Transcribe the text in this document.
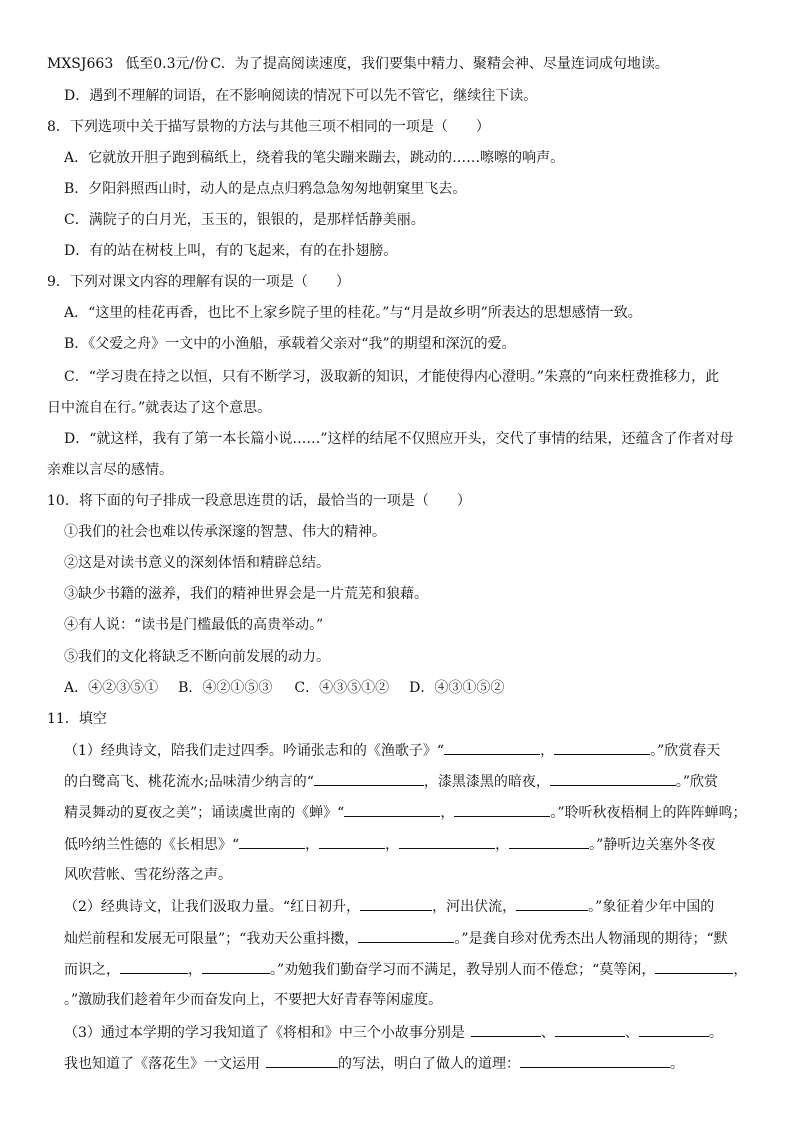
MXSJ663 低至0.3元/份 C．为了提高阅读速度，我们要集中精力、聚精会神、尽量连词成句地读。
D．遇到不理解的词语，在不影响阅读的情况下可以先不管它，继续往下读。
8．下列选项中关于描写景物的方法与其他三项不相同的一项是（　　）
A．它就放开胆子跑到稿纸上，绕着我的笔尖蹦来蹦去，跳动的……嚓嚓的响声。
B．夕阳斜照西山时，动人的是点点归鸦急急匆匆地朝窠里飞去。
C．满院子的白月光，玉玉的，银银的，是那样恬静美丽。
D．有的站在树枝上叫，有的飞起来，有的在扑翅膀。
9．下列对课文内容的理解有误的一项是（　　）
A．“这里的桂花再香，也比不上家乡院子里的桂花。”与“月是故乡明”所表达的思想感情一致。
B．《父爱之舟》一文中的小渔船，承载着父亲对“我”的期望和深沉的爱。
C．“学习贵在持之以恒，只有不断学习，汲取新的知识，才能使得内心澄明。”朱熹的“向来枉费推移力，此
日中流自在行。”就表达了这个意思。
D．“就这样，我有了第一本长篇小说……”这样的结尾不仅照应开头，交代了事情的结果，还蕴含了作者对母
亲难以言尽的感情。
10．将下面的句子排成一段意思连贯的话，最恰当的一项是（　　）
①我们的社会也难以传承深邃的智慧、伟大的精神。
②这是对读书意义的深刻体悟和精辟总结。
③缺少书籍的滋养，我们的精神世界会是一片荒芜和狼藉。
④有人说：“读书是门槛最低的高贵举动。”
⑤我们的文化将缺乏不断向前发展的动力。
A．④②③⑤① B．④②①⑤③ C．④③⑤①② D．④③①⑤②
11．填空
（1）经典诗文，陪我们走过四季。吟诵张志和的《渔歌子》“	，	。”欣赏春天
的白鹭高飞、桃花流水;品味清少纳言的“	，漆黑漆黑的暗夜，	。”欣赏
精灵舞动的夏夜之美”；诵读虞世南的《蝉》“	，	。”聆听秋夜梧桐上的阵阵蝉鸣；
低吟纳兰性德的《长相思》“	，	，	，	。”静听边关塞外冬夜
风吹营帐、雪花纷落之声。
（2）经典诗文，让我们汲取力量。“红日初升，	，河出伏流，	。”象征着少年中国的
灿烂前程和发展无可限量”；“我劝天公重抖擞，	。”是龚自珍对优秀杰出人物涌现的期待；“默
而识之，	，	。”劝勉我们勤奋学习而不满足，教导别人而不倦怠；“莫等闲，	，
。”激励我们趁着年少而奋发向上，不要把大好青春等闲虚度。
（3）通过本学期的学习我知道了《将相和》中三个小故事分别是	、	、	。
我也知道了《落花生》一文运用	的写法，明白了做人的道理：	。
